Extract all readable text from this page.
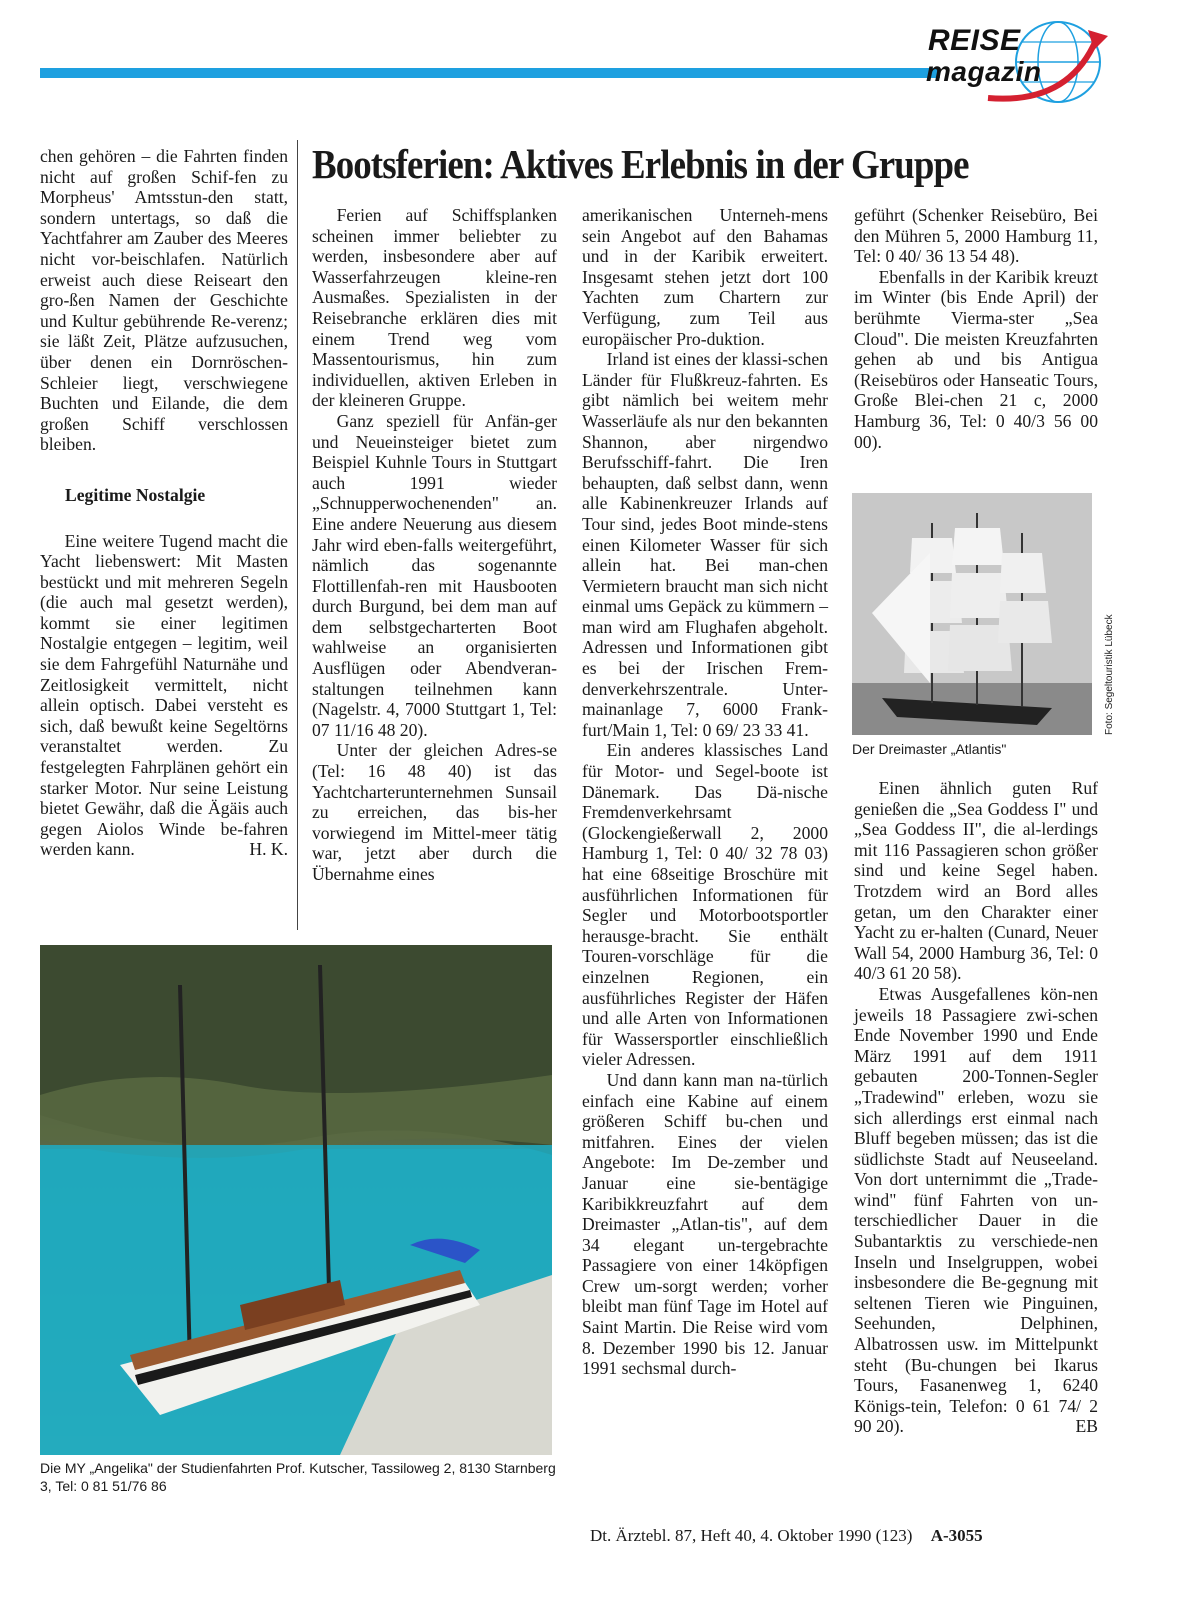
REISE
magazin
Bootsferien: Aktives Erlebnis in der Gruppe

chen gehören – die Fahrten finden nicht auf großen Schif-fen zu Morpheus' Amtsstun-den statt, sondern untertags, so daß die Yachtfahrer am Zauber des Meeres nicht vor-beischlafen. Natürlich erweist auch diese Reiseart den gro-ßen Namen der Geschichte und Kultur gebührende Re-verenz; sie läßt Zeit, Plätze aufzusuchen, über denen ein Dornröschen-Schleier liegt, verschwiegene Buchten und Eilande, die dem großen Schiff verschlossen bleiben.

Legitime Nostalgie

Eine weitere Tugend macht die Yacht liebenswert: Mit Masten bestückt und mit mehreren Segeln (die auch mal gesetzt werden), kommt sie einer legitimen Nostalgie entgegen – legitim, weil sie dem Fahrgefühl Naturnähe und Zeitlosigkeit vermittelt, nicht allein optisch. Dabei versteht es sich, daß bewußt keine Segeltörns veranstaltet werden. Zu festgelegten Fahrplänen gehört ein starker Motor. Nur seine Leistung bietet Gewähr, daß die Ägäis auch gegen Aiolos Winde be-fahren werden kann.	H. K.

Ferien auf Schiffsplanken scheinen immer beliebter zu werden, insbesondere aber auf Wasserfahrzeugen kleine-ren Ausmaßes. Spezialisten in der Reisebranche erklären dies mit einem Trend weg vom Massentourismus, hin zum individuellen, aktiven Erleben in der kleineren Gruppe.

Ganz speziell für Anfän-ger und Neueinsteiger bietet zum Beispiel Kuhnle Tours in Stuttgart auch 1991 wieder „Schnupperwochenenden" an. Eine andere Neuerung aus diesem Jahr wird eben-falls weitergeführt, nämlich das sogenannte Flottillenfah-ren mit Hausbooten durch Burgund, bei dem man auf dem selbstgecharterten Boot wahlweise an organisierten Ausflügen oder Abendveran-staltungen teilnehmen kann (Nagelstr. 4, 7000 Stuttgart 1, Tel: 07 11/16 48 20).

Unter der gleichen Adres-se (Tel: 16 48 40) ist das Yachtcharterunternehmen Sunsail zu erreichen, das bis-her vorwiegend im Mittel-meer tätig war, jetzt aber durch die Übernahme eines

amerikanischen Unterneh-mens sein Angebot auf den Bahamas und in der Karibik erweitert. Insgesamt stehen jetzt dort 100 Yachten zum Chartern zur Verfügung, zum Teil aus europäischer Pro-duktion.

Irland ist eines der klassi-schen Länder für Flußkreuz-fahrten. Es gibt nämlich bei weitem mehr Wasserläufe als nur den bekannten Shannon, aber nirgendwo Berufsschiff-fahrt. Die Iren behaupten, daß selbst dann, wenn alle Kabinenkreuzer Irlands auf Tour sind, jedes Boot minde-stens einen Kilometer Wasser für sich allein hat. Bei man-chen Vermietern braucht man sich nicht einmal ums Gepäck zu kümmern – man wird am Flughafen abgeholt. Adressen und Informationen gibt es bei der Irischen Frem-denverkehrszentrale. Unter-mainanlage 7, 6000 Frank-furt/Main 1, Tel: 0 69/ 23 33 41.

Ein anderes klassisches Land für Motor- und Segel-boote ist Dänemark. Das Dä-nische Fremdenverkehrsamt (Glockengießerwall 2, 2000 Hamburg 1, Tel: 0 40/ 32 78 03) hat eine 68seitige Broschüre mit ausführlichen Informationen für Segler und Motorbootsportler herausge-bracht. Sie enthält Touren-vorschläge für die einzelnen Regionen, ein ausführliches Register der Häfen und alle Arten von Informationen für Wassersportler einschließlich vieler Adressen.

Und dann kann man na-türlich einfach eine Kabine auf einem größeren Schiff bu-chen und mitfahren. Eines der vielen Angebote: Im De-zember und Januar eine sie-bentägige Karibikkreuzfahrt auf dem Dreimaster „Atlan-tis", auf dem 34 elegant un-tergebrachte Passagiere von einer 14köpfigen Crew um-sorgt werden; vorher bleibt man fünf Tage im Hotel auf Saint Martin. Die Reise wird vom 8. Dezember 1990 bis 12. Januar 1991 sechsmal durch-

geführt (Schenker Reisebüro, Bei den Mühren 5, 2000 Hamburg 11, Tel: 0 40/ 36 13 54 48).

Ebenfalls in der Karibik kreuzt im Winter (bis Ende April) der berühmte Vierma-ster „Sea Cloud". Die meisten Kreuzfahrten gehen ab und bis Antigua (Reisebüros oder Hanseatic Tours, Große Blei-chen 21 c, 2000 Hamburg 36, Tel: 0 40/3 56 00 00).

Foto: Segeltouristik Lübeck
Der Dreimaster „Atlantis"

Einen ähnlich guten Ruf genießen die „Sea Goddess I" und „Sea Goddess II", die al-lerdings mit 116 Passagieren schon größer sind und keine Segel haben. Trotzdem wird an Bord alles getan, um den Charakter einer Yacht zu er-halten (Cunard, Neuer Wall 54, 2000 Hamburg 36, Tel: 0 40/3 61 20 58).

Etwas Ausgefallenes kön-nen jeweils 18 Passagiere zwi-schen Ende November 1990 und Ende März 1991 auf dem 1911 gebauten 200-Tonnen-Segler „Tradewind" erleben, wozu sie sich allerdings erst einmal nach Bluff begeben müssen; das ist die südlichste Stadt auf Neuseeland. Von dort unternimmt die „Trade-wind" fünf Fahrten von un-terschiedlicher Dauer in die Subantarktis zu verschiede-nen Inseln und Inselgruppen, wobei insbesondere die Be-gegnung mit seltenen Tieren wie Pinguinen, Seehunden, Delphinen, Albatrossen usw. im Mittelpunkt steht (Bu-chungen bei Ikarus Tours, Fasanenweg 1, 6240 Königs-tein, Telefon: 0 61 74/ 2 90 20).	EB

Die MY „Angelika" der Studienfahrten Prof. Kutscher, Tassiloweg 2, 8130 Starnberg 3, Tel: 0 81 51/76 86
Dt. Ärztebl. 87, Heft 40, 4. Oktober 1990 (123) A-3055
